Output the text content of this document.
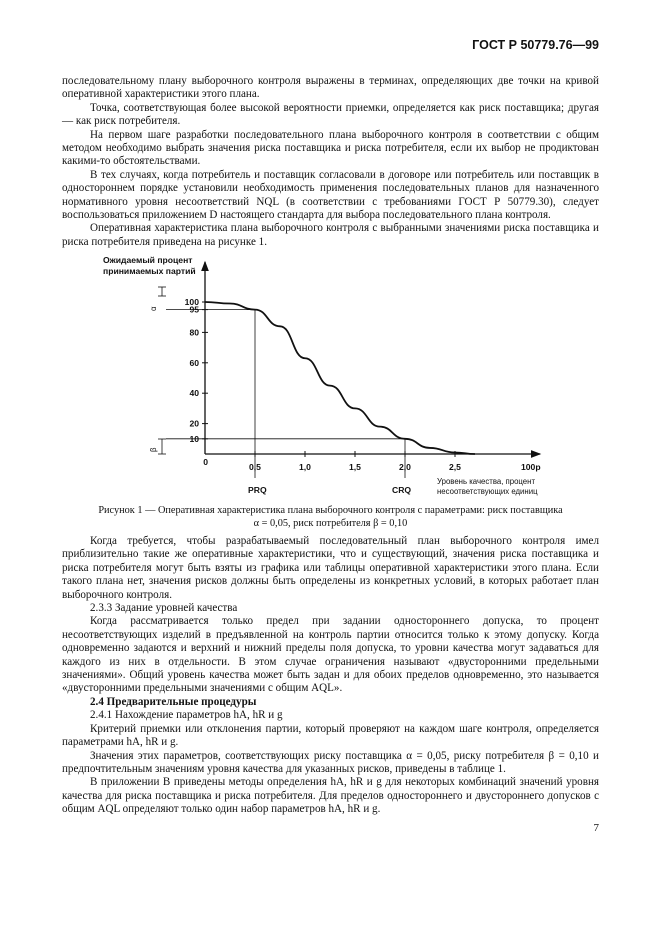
ГОСТ Р 50779.76—99

последовательному плану выборочного контроля выражены в терминах, определяющих две точки на кривой оперативной характеристики этого плана.

Точка, соответствующая более высокой вероятности приемки, определяется как риск поставщика; другая — как риск потребителя.

На первом шаге разработки последовательного плана выборочного контроля в соответствии с общим методом необходимо выбрать значения риска поставщика и риска потребителя, если их выбор не продиктован какими-то обстоятельствами.

В тех случаях, когда потребитель и поставщик согласовали в договоре или потребитель или поставщик в одностороннем порядке установили необходимость применения последовательных планов для назначенного нормативного уровня несоответствий NQL (в соответствии с требованиями ГОСТ Р 50779.30), следует воспользоваться приложением D настоящего стандарта для выбора последовательного плана контроля.

Оперативная характеристика плана выборочного контроля с выбранными значениями риска поставщика и риска потребителя приведена на рисунке 1.

Ожидаемый процент
принимаемых партий
100
95
80
60
40
20
10
0	0,5	1,0	1,5	2,0	2,5
α
β
100p
PRQ	CRQ
Уровень качества, процент
несоответствующих единиц
Рисунок 1 — Оперативная характеристика плана выборочного контроля с параметрами: риск поставщика
α = 0,05, риск потребителя β = 0,10

Когда требуется, чтобы разрабатываемый последовательный план выборочного контроля имел приблизительно такие же оперативные характеристики, что и существующий, значения риска поставщика и риска потребителя могут быть взяты из графика или таблицы оперативной характеристики этого плана. Если такого плана нет, значения рисков должны быть определены из конкретных условий, в которых работает план выборочного контроля.

2.3.3 Задание уровней качества

Когда рассматривается только предел при задании одностороннего допуска, то процент несоответствующих изделий в предъявленной на контроль партии относится только к этому допуску. Когда одновременно задаются и верхний и нижний пределы поля допуска, то уровни качества могут задаваться для каждого из них в отдельности. В этом случае ограничения называют «двусторонними предельными значениями». Общий уровень качества может быть задан и для обоих пределов одновременно, это называется «двусторонними предельными значениями с общим AQL».

2.4 Предварительные процедуры

2.4.1 Нахождение параметров hA, hR и g

Критерий приемки или отклонения партии, который проверяют на каждом шаге контроля, определяется параметрами hA, hR и g.

Значения этих параметров, соответствующих риску поставщика α = 0,05, риску потребителя β = 0,10 и предпочтительным значениям уровня качества для указанных рисков, приведены в таблице 1.

В приложении В приведены методы определения hA, hR и g для некоторых комбинаций значений уровня качества для риска поставщика и риска потребителя. Для пределов одностороннего и двустороннего допусков с общим AQL определяют только один набор параметров hA, hR и g.

7
